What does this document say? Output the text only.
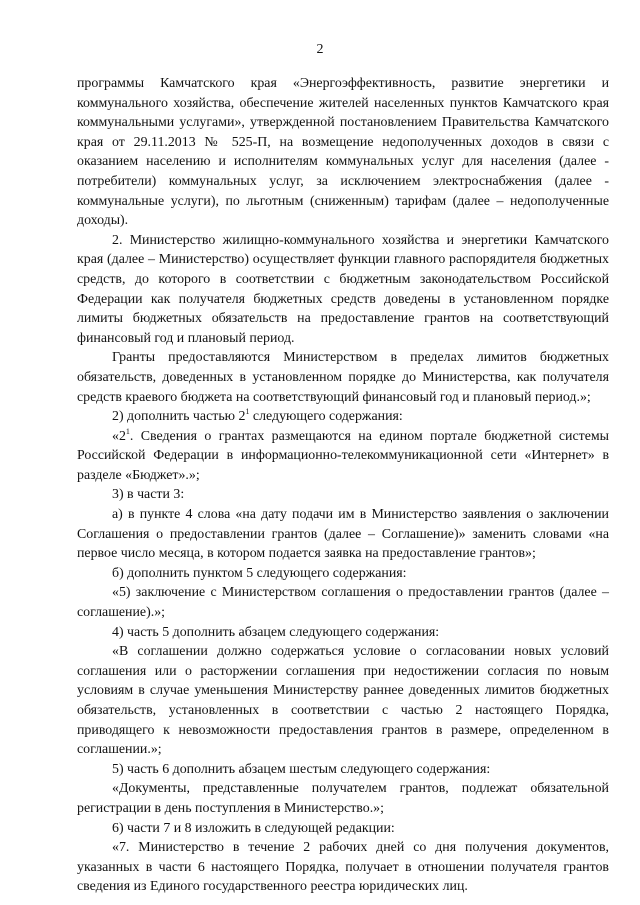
2

программы Камчатского края «Энергоэффективность, развитие энергетики и коммунального хозяйства, обеспечение жителей населенных пунктов Камчатского края коммунальными услугами», утвержденной постановлением Правительства Камчатского края от 29.11.2013 № 525-П, на возмещение недополученных доходов в связи с оказанием населению и исполнителям коммунальных услуг для населения (далее - потребители) коммунальных услуг, за исключением электроснабжения (далее - коммунальные услуги), по льготным (сниженным) тарифам (далее – недополученные доходы).

2. Министерство жилищно-коммунального хозяйства и энергетики Камчатского края (далее – Министерство) осуществляет функции главного распорядителя бюджетных средств, до которого в соответствии с бюджетным законодательством Российской Федерации как получателя бюджетных средств доведены в установленном порядке лимиты бюджетных обязательств на предоставление грантов на соответствующий финансовый год и плановый период.

Гранты предоставляются Министерством в пределах лимитов бюджетных обязательств, доведенных в установленном порядке до Министерства, как получателя средств краевого бюджета на соответствующий финансовый год и плановый период.»;

2) дополнить частью $2^1$ следующего содержания:

«$2^1$. Сведения о грантах размещаются на едином портале бюджетной системы Российской Федерации в информационно-телекоммуникационной сети «Интернет» в разделе «Бюджет».»;

3) в части 3:

а) в пункте 4 слова «на дату подачи им в Министерство заявления о заключении Соглашения о предоставлении грантов (далее – Соглашение)» заменить словами «на первое число месяца, в котором подается заявка на предоставление грантов»;

б) дополнить пунктом 5 следующего содержания:

«5) заключение с Министерством соглашения о предоставлении грантов (далее – соглашение).»;

4) часть 5 дополнить абзацем следующего содержания:

«В соглашении должно содержаться условие о согласовании новых условий соглашения или о расторжении соглашения при недостижении согласия по новым условиям в случае уменьшения Министерству раннее доведенных лимитов бюджетных обязательств, установленных в соответствии с частью 2 настоящего Порядка, приводящего к невозможности предоставления грантов в размере, определенном в соглашении.»;

5) часть 6 дополнить абзацем шестым следующего содержания:

«Документы, представленные получателем грантов, подлежат обязательной регистрации в день поступления в Министерство.»;

6) части 7 и 8 изложить в следующей редакции:

«7. Министерство в течение 2 рабочих дней со дня получения документов, указанных в части 6 настоящего Порядка, получает в отношении получателя грантов сведения из Единого государственного реестра юридических лиц.
